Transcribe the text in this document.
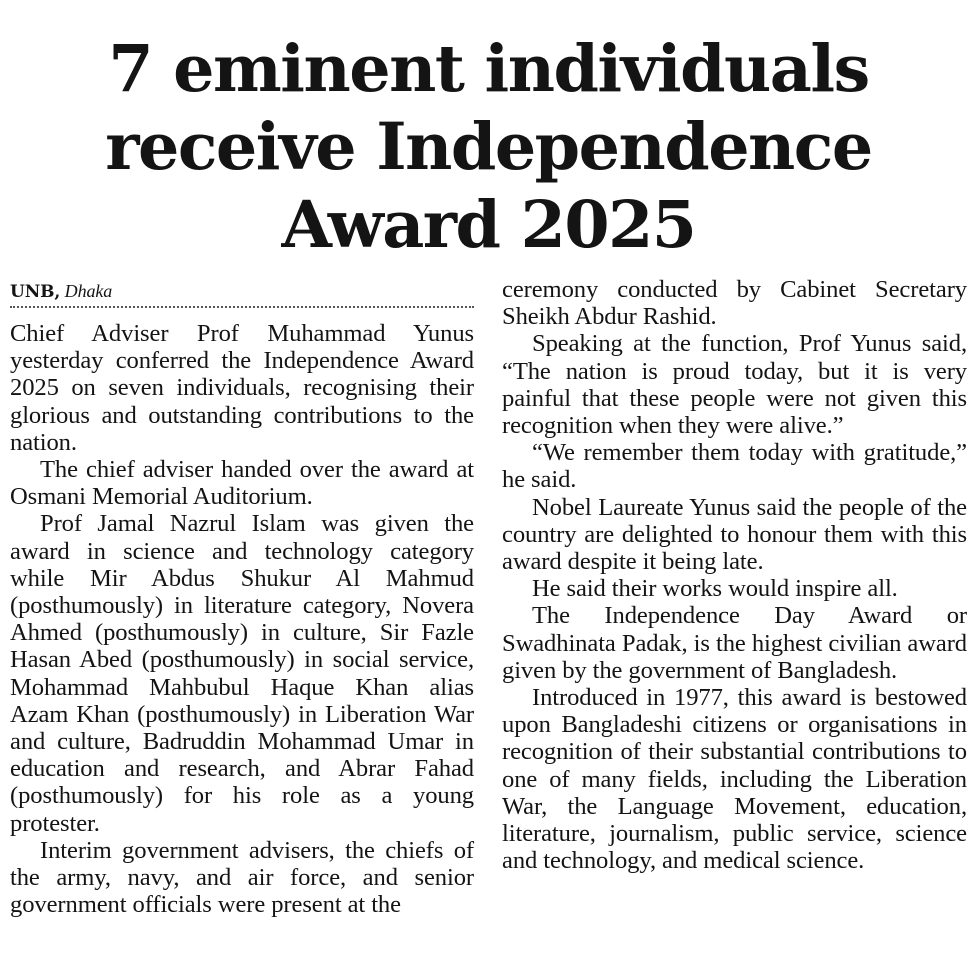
7 eminent individuals
receive Independence
Award 2025
UNB, Dhaka

Chief Adviser Prof Muhammad Yunus yesterday conferred the Independence Award 2025 on seven individuals, recognising their glorious and outstanding contributions to the nation.

The chief adviser handed over the award at Osmani Memorial Auditorium.

Prof Jamal Nazrul Islam was given the award in science and technology category while Mir Abdus Shukur Al Mahmud (posthumously) in literature category, Novera Ahmed (posthumously) in culture, Sir Fazle Hasan Abed (posthumously) in social service, Mohammad Mahbubul Haque Khan alias Azam Khan (posthumously) in Liberation War and culture, Badruddin Mohammad Umar in education and research, and Abrar Fahad (posthumously) for his role as a young protester.

Interim government advisers, the chiefs of the army, navy, and air force, and senior government officials were present at the

ceremony conducted by Cabinet Secretary Sheikh Abdur Rashid.

Speaking at the function, Prof Yunus said, “The nation is proud today, but it is very painful that these people were not given this recognition when they were alive.”

“We remember them today with gratitude,” he said.

Nobel Laureate Yunus said the people of the country are delighted to honour them with this award despite it being late.

He said their works would inspire all.

The Independence Day Award or Swadhinata Padak, is the highest civilian award given by the government of Bangladesh.

Introduced in 1977, this award is bestowed upon Bangladeshi citizens or organisations in recognition of their substantial contributions to one of many fields, including the Liberation War, the Language Movement, education, literature, journalism, public service, science and technology, and medical science.
